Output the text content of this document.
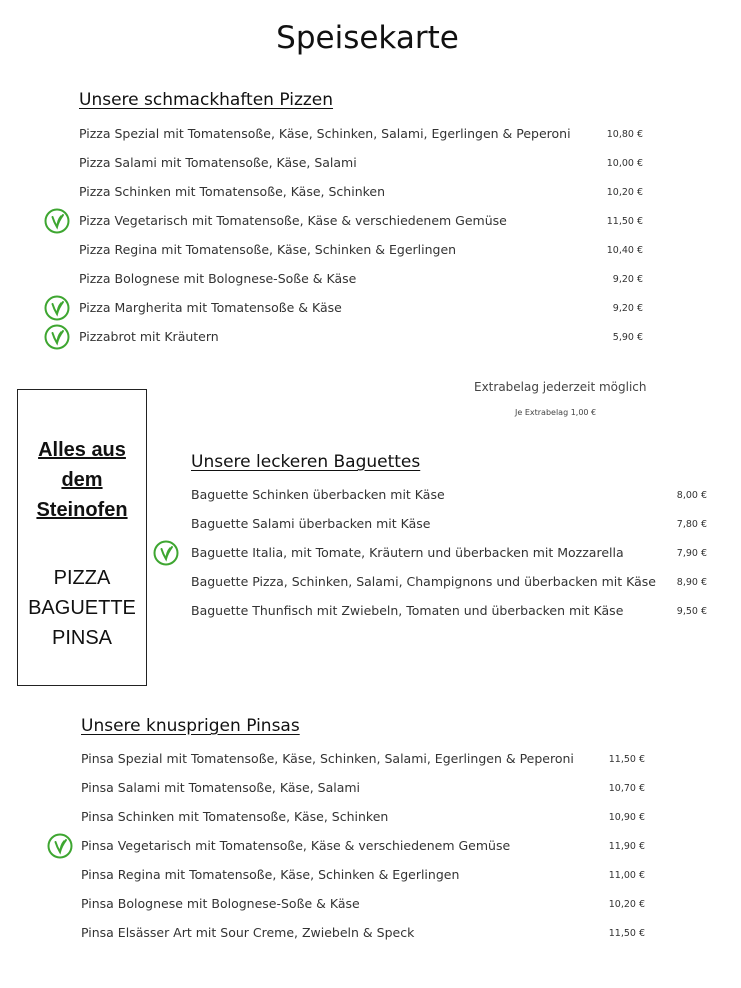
Speisekarte
Unsere schmackhaften Pizzen
Pizza Spezial mit Tomatensoße, Käse, Schinken, Salami, Egerlingen & Peperoni	10,80 €
Pizza Salami mit Tomatensoße, Käse, Salami	10,00 €
Pizza Schinken mit Tomatensoße, Käse, Schinken	10,20 €
Pizza Vegetarisch mit Tomatensoße, Käse & verschiedenem Gemüse	11,50 €
Pizza Regina mit Tomatensoße, Käse, Schinken & Egerlingen	10,40 €
Pizza Bolognese mit Bolognese-Soße & Käse	9,20 €
Pizza Margherita mit Tomatensoße & Käse	9,20 €
Pizzabrot mit Kräutern	5,90 €
Extrabelag jederzeit möglich
Je Extrabelag 1,00 €
Alles aus
dem
Steinofen
PIZZA
BAGUETTE
PINSA
Unsere leckeren Baguettes
Baguette Schinken überbacken mit Käse	8,00 €
Baguette Salami überbacken mit Käse	7,80 €
Baguette Italia, mit Tomate, Kräutern und überbacken mit Mozzarella	7,90 €
Baguette Pizza, Schinken, Salami, Champignons und überbacken mit Käse 8,90 €
Baguette Thunfisch mit Zwiebeln, Tomaten und überbacken mit Käse	9,50 €
Unsere knusprigen Pinsas
Pinsa Spezial mit Tomatensoße, Käse, Schinken, Salami, Egerlingen & Peperoni	11,50 €
Pinsa Salami mit Tomatensoße, Käse, Salami	10,70 €
Pinsa Schinken mit Tomatensoße, Käse, Schinken	10,90 €
Pinsa Vegetarisch mit Tomatensoße, Käse & verschiedenem Gemüse	11,90 €
Pinsa Regina mit Tomatensoße, Käse, Schinken & Egerlingen	11,00 €
Pinsa Bolognese mit Bolognese-Soße & Käse	10,20 €
Pinsa Elsässer Art mit Sour Creme, Zwiebeln & Speck	11,50 €
